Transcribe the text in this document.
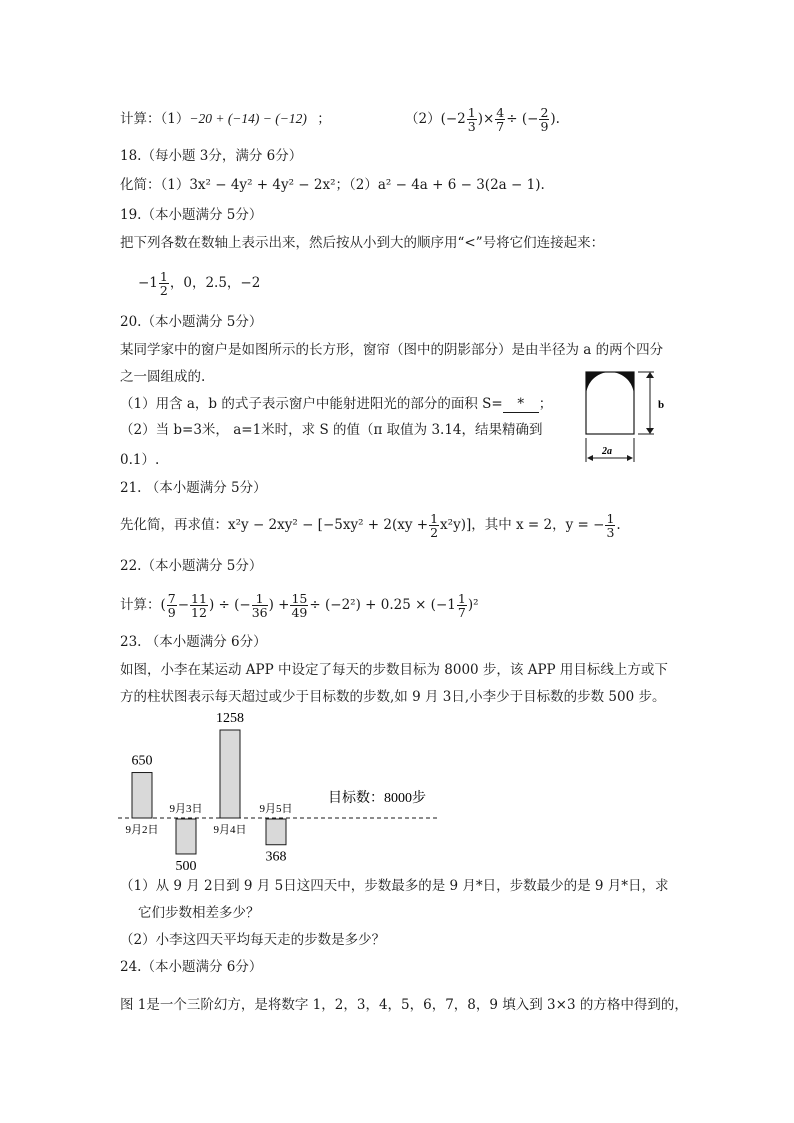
计算：（1）−20 + (−14) − (−12) ；	$(2)(-2 \frac{1}{3}$ )× $\frac{4}{7}$ ÷ (− $\frac{2}{9}$ ).
18.（每小题 3分，满分 6分）
化简：（1）3x² − 4y² + 4y² − 2x²；（2）a² − 4a + 6 − 3(2a − 1).
19.（本小题满分 5分）
把下列各数在数轴上表示出来，然后按从小到大的顺序用“<”号将它们连接起来：
$-1 \frac{1}{2}$ ，0，2.5，−2
20.（本小题满分 5分）
某同学家中的窗户是如图所示的长方形，窗帘（图中的阴影部分）是由半径为 a 的两个四分
之一圆组成的.
（1）用含 a，b 的式子表示窗户中能射进阳光的部分的面积 S= * ；
（2）当 b=3米， a=1米时，求 S 的值（π 取值为 3.14，结果精确到
0.1）.
b
2a
21. （本小题满分 5分）
先化简，再求值：$x^2y - 2xy^2 - [-5xy^2 + 2(xy + \frac{1}{2} x^2y)]$，其中 x = 2，y = − $\frac{1}{3}$ .
22.（本小题满分 5分）
计算：( $\frac{7}{9} - \frac{11}{12}$ ) ÷ (− $\frac{1}{36}$ ) + $\frac{15}{49} \div (-2^2) + 0.25 \times (-1 \frac{1}{7} )^2$
23. （本小题满分 6分）
如图，小李在某运动 APP 中设定了每天的步数目标为 8000 步，该 APP 用目标线上方或下
方的柱状图表示每天超过或少于目标数的步数,如 9 月 3日,小李少于目标数的步数 500 步。
目标数：8000步
650
9月2日
500
9月3日
1258
9月4日
368
9月5日
（1）从 9 月 2日到 9 月 5日这四天中，步数最多的是 9 月*日，步数最少的是 9 月*日，求
它们步数相差多少？
（2）小李这四天平均每天走的步数是多少？
24.（本小题满分 6分）
图 1是一个三阶幻方，是将数字 1，2，3，4，5，6，7，8，9 填入到 3×3 的方格中得到的，
